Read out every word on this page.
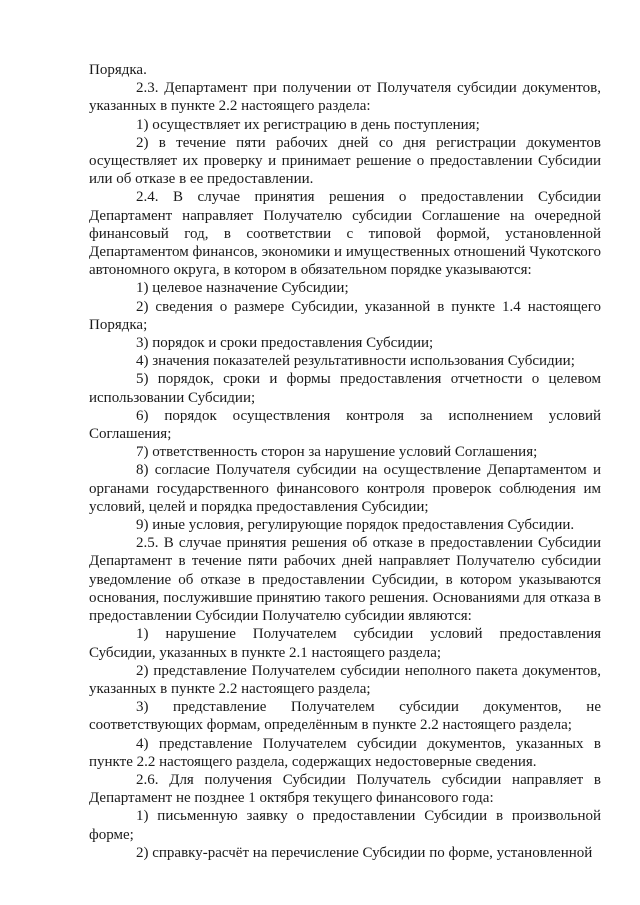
Порядка.

2.3. Департамент при получении от Получателя субсидии документов, указанных в пункте 2.2 настоящего раздела:

1) осуществляет их регистрацию в день поступления;

2) в течение пяти рабочих дней со дня регистрации документов осуществляет их проверку и принимает решение о предоставлении Субсидии или об отказе в ее предоставлении.

2.4. В случае принятия решения о предоставлении Субсидии Департамент направляет Получателю субсидии Соглашение на очередной финансовый год, в соответствии с типовой формой, установленной Департаментом финансов, экономики и имущественных отношений Чукотского автономного округа, в котором в обязательном порядке указываются:

1) целевое назначение Субсидии;

2) сведения о размере Субсидии, указанной в пункте 1.4 настоящего Порядка;

3) порядок и сроки предоставления Субсидии;

4) значения показателей результативности использования Субсидии;

5) порядок, сроки и формы предоставления отчетности о целевом использовании Субсидии;

6) порядок осуществления контроля за исполнением условий Соглашения;

7) ответственность сторон за нарушение условий Соглашения;

8) согласие Получателя субсидии на осуществление Департаментом и органами государственного финансового контроля проверок соблюдения им условий, целей и порядка предоставления Субсидии;

9) иные условия, регулирующие порядок предоставления Субсидии.

2.5. В случае принятия решения об отказе в предоставлении Субсидии Департамент в течение пяти рабочих дней направляет Получателю субсидии уведомление об отказе в предоставлении Субсидии, в котором указываются основания, послужившие принятию такого решения. Основаниями для отказа в предоставлении Субсидии Получателю субсидии являются:

1) нарушение Получателем субсидии условий предоставления Субсидии, указанных в пункте 2.1 настоящего раздела;

2) представление Получателем субсидии неполного пакета документов, указанных в пункте 2.2 настоящего раздела;

3) представление Получателем субсидии документов, не соответствующих формам, определённым в пункте 2.2 настоящего раздела;

4) представление Получателем субсидии документов, указанных в пункте 2.2 настоящего раздела, содержащих недостоверные сведения.

2.6. Для получения Субсидии Получатель субсидии направляет в Департамент не позднее 1 октября текущего финансового года:

1) письменную заявку о предоставлении Субсидии в произвольной форме;

2) справку-расчёт на перечисление Субсидии по форме, установленной
